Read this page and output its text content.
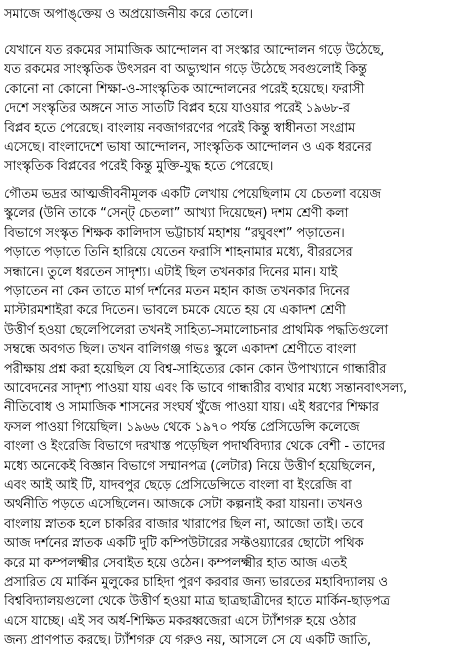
সমাজে অপাঙ্‌ক্তেয় ও অপ্রয়োজনীয় করে তোলে।
যেখানে যত রকমের সামাজিক আন্দোলন বা সংস্কার আন্দোলন গড়ে উঠেছে,
যত রকমের সাংস্কৃতিক উৎসরন বা অভ্যুত্থান গড়ে উঠেছে সবগুলোই কিন্তু
কোনো না কোনো শিক্ষা-ও-সাংস্কৃতিক আন্দোলনের পরেই হয়েছে। ফরাসী
দেশে সংস্কৃতির অঙ্গনে সাত সাতটি বিপ্লব হয়ে যাওয়ার পরেই ১৯৬৮-র
বিপ্লব হতে পেরেছে। বাংলায় নবজাগরণের পরেই কিন্তু স্বাধীনতা সংগ্রাম
এসেছে। বাংলাদেশে ভাষা আন্দোলন, সাংস্কৃতিক আন্দোলন ও এক ধরনের
সাংস্কৃতিক বিপ্লবের পরেই কিন্তু মুক্তি-যুদ্ধ হতে পেরেছে।
গৌতম ভদ্রর আত্মজীবনীমূলক একটি লেখায় পেয়েছিলাম যে চেতলা বয়েজ
স্কুলের (উনি তাকে “সেন্ট্ চেতলা” আখ্যা দিয়েছেন) দশম শ্রেণী কলা
বিভাগে সংস্কৃত শিক্ষক কালিদাস ভট্টাচার্য মহাশয় “রঘুবংশ” পড়াতেন।
পড়াতে পড়াতে তিনি হারিয়ে যেতেন ফরাসি শাহনামার মধ্যে, বীররসের
সন্ধানে। তুলে ধরতেন সাদৃশ্য। এটাই ছিল তখনকার দিনের মান। যাই
পড়াতেন না কেন তাতে মার্গ দর্শনের মতন মহান কাজ তখনকার দিনের
মাস্টারমশাইরা করে দিতেন। ভাবলে চমকে যেতে হয় যে একাদশ শ্রেণী
উত্তীর্ণ হওয়া ছেলেপিলেরা তখনই সাহিত্য-সমালোচনার প্রাথমিক পদ্ধতিগুলো
সম্বন্ধে অবগত ছিল। তখন বালিগঞ্জ গভঃ স্কুলে একাদশ শ্রেণীতে বাংলা
পরীক্ষায় প্রশ্ন করা হয়েছিল যে বিশ্ব-সাহিত্যের কোন কোন উপাখ্যানে গান্ধারীর
আবেদনের সাদৃশ্য পাওয়া যায় এবং কি ভাবে গান্ধারীর ব্যথার মধ্যে সন্তানবাৎসল্য,
নীতিবোধ ও সামাজিক শাসনের সংঘর্ষ খুঁজে পাওয়া যায়। এই ধরণের শিক্ষার
ফসল পাওয়া গিয়েছিল। ১৯৬৬ থেকে ১৯৭০ পর্যন্ত প্রেসিডেন্সি কলেজে
বাংলা ও ইংরেজি বিভাগে দরখাস্ত পড়েছিল পদার্থবিদ্যার থেকে বেশী - তাদের
মধ্যে অনেকেই বিজ্ঞান বিভাগে সম্মানপত্র (লেটার) নিয়ে উত্তীর্ণ হয়েছিলেন,
এবং আই আই টি, যাদবপুর ছেড়ে প্রেসিডেন্সিতে বাংলা বা ইংরেজি বা
অর্থনীতি পড়তে এসেছিলেন। আজকে সেটা কল্পনাই করা যায়না। তখনও
বাংলায় স্নাতক হলে চাকরির বাজার খারাপের ছিল না, আজো তাই। তবে
আজ দর্শনের স্নাতক একটি দুটি কম্পিউটারের সফ্টওয়্যারের ছোটো পথিক
করে মা কম্পলক্ষ্মীর সেবাইত হয়ে ওঠেন। কম্পলক্ষ্মীর হাত আজ এতই
প্রসারিত যে মার্কিন মুলুকের চাহিদা পুরণ করবার জন্য ভারতের মহাবিদ্যালয় ও
বিশ্ববিদ্যালয়গুলো থেকে উত্তীর্ণ হওয়া মাত্র ছাত্রছাত্রীদের হাতে মার্কিন-ছাড়পত্র
এসে যাচ্ছে। এই সব অর্ধ-শিক্ষিত মকরধ্বজেরা এসে ট্যাঁশগরু হয়ে ওঠার
জন্য প্রাণপাত করছে। ট্যাঁশগরু যে গরুও নয়, আসলে সে যে একটি জাতি,
